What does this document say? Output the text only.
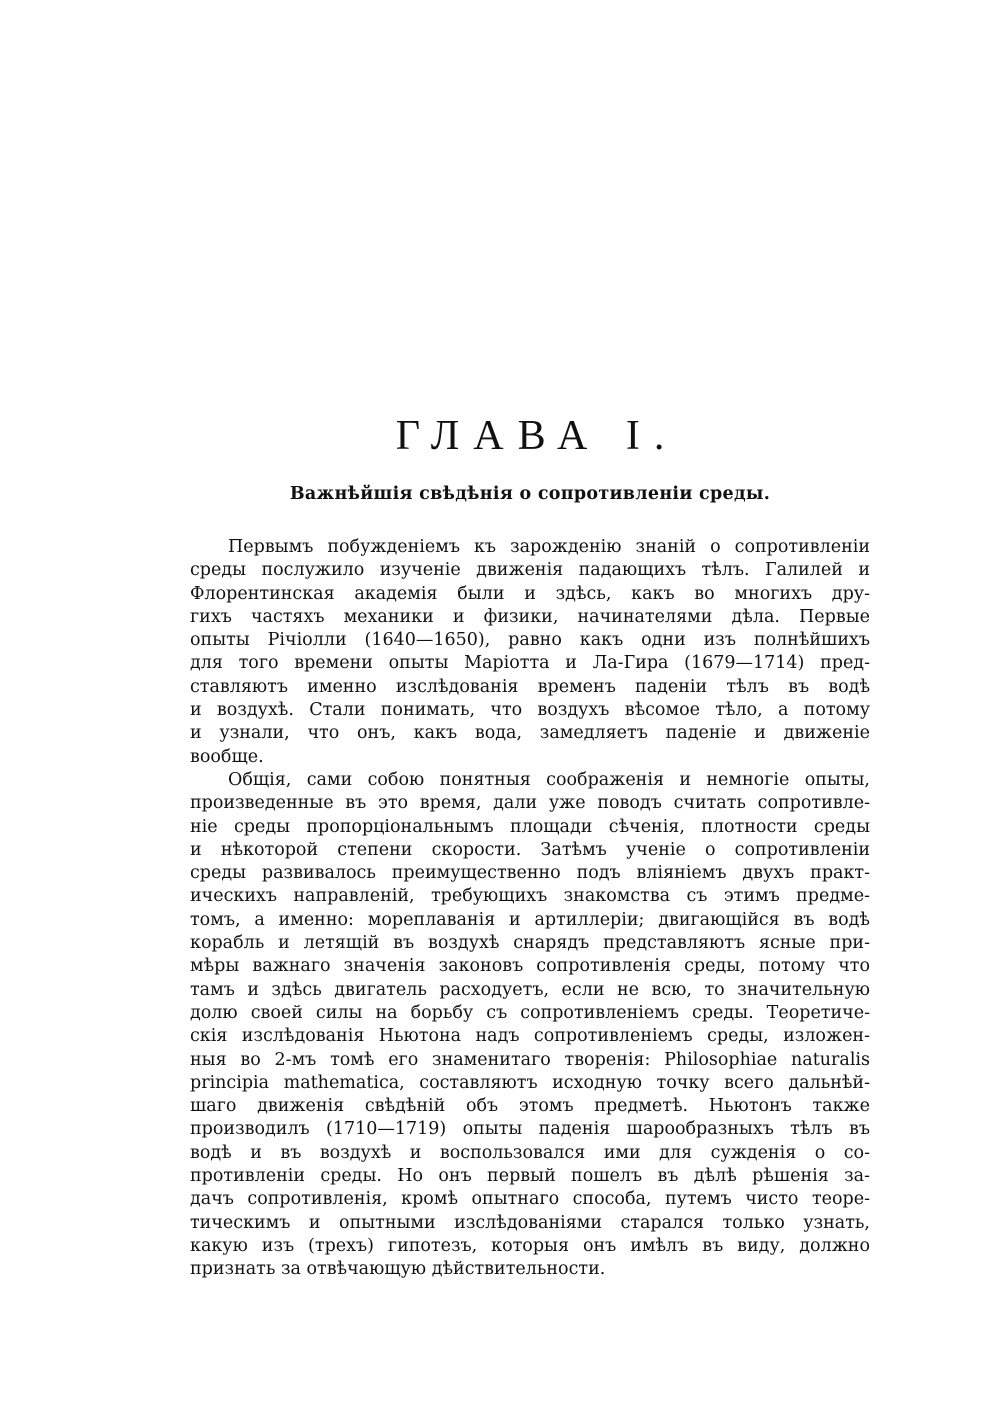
ГЛАВА I.
Важнѣйшія свѣдѣнія о сопротивленіи среды.
Первымъ побужденіемъ къ зарожденію знаній о сопротивленіи
среды послужило изученіе движенія падающихъ тѣлъ. Галилей и
Флорентинская академія были и здѣсь, какъ во многихъ дру-
гихъ частяхъ механики и физики, начинателями дѣла. Первые
опыты Річіолли (1640—1650), равно какъ одни изъ полнѣйшихъ
для того времени опыты Маріотта и Ла-Гира (1679—1714) пред-
ставляютъ именно изслѣдованія временъ паденіи тѣлъ въ водѣ
и воздухѣ. Стали понимать, что воздухъ вѣсомое тѣло, а потому
и узнали, что онъ, какъ вода, замедляетъ паденіе и движеніе
вообще.
Общія, сами собою понятныя соображенія и немногіе опыты,
произведенные въ это время, дали уже поводъ считать сопротивле-
ніе среды пропорціональнымъ площади сѣченія, плотности среды
и нѣкоторой степени скорости. Затѣмъ ученіе о сопротивленіи
среды развивалось преимущественно подъ вліяніемъ двухъ практ-
ическихъ направленій, требующихъ знакомства съ этимъ предме-
томъ, а именно: мореплаванія и артиллеріи; двигающійся въ водѣ
корабль и летящій въ воздухѣ снарядъ представляютъ ясные при-
мѣры важнаго значенія законовъ сопротивленія среды, потому что
тамъ и здѣсь двигатель расходуетъ, если не всю, то значительную
долю своей силы на борьбу съ сопротивленіемъ среды. Теоретиче-
скія изслѣдованія Ньютона надъ сопротивленіемъ среды, изложен-
ныя во 2-мъ томѣ его знаменитаго творенія: Philosophiae naturalis
principia mathematica, составляютъ исходную точку всего дальнѣй-
шаго движенія свѣдѣній объ этомъ предметѣ. Ньютонъ также
производилъ (1710—1719) опыты паденія шарообразныхъ тѣлъ въ
водѣ и въ воздухѣ и воспользовался ими для сужденія о со-
противленіи среды. Но онъ первый пошелъ въ дѣлѣ рѣшенія за-
дачъ сопротивленія, кромѣ опытнаго способа, путемъ чисто теоре-
тическимъ и опытными изслѣдованіями старался только узнать,
какую изъ (трехъ) гипотезъ, которыя онъ имѣлъ въ виду, должно
признать за отвѣчающую дѣйствительности.
